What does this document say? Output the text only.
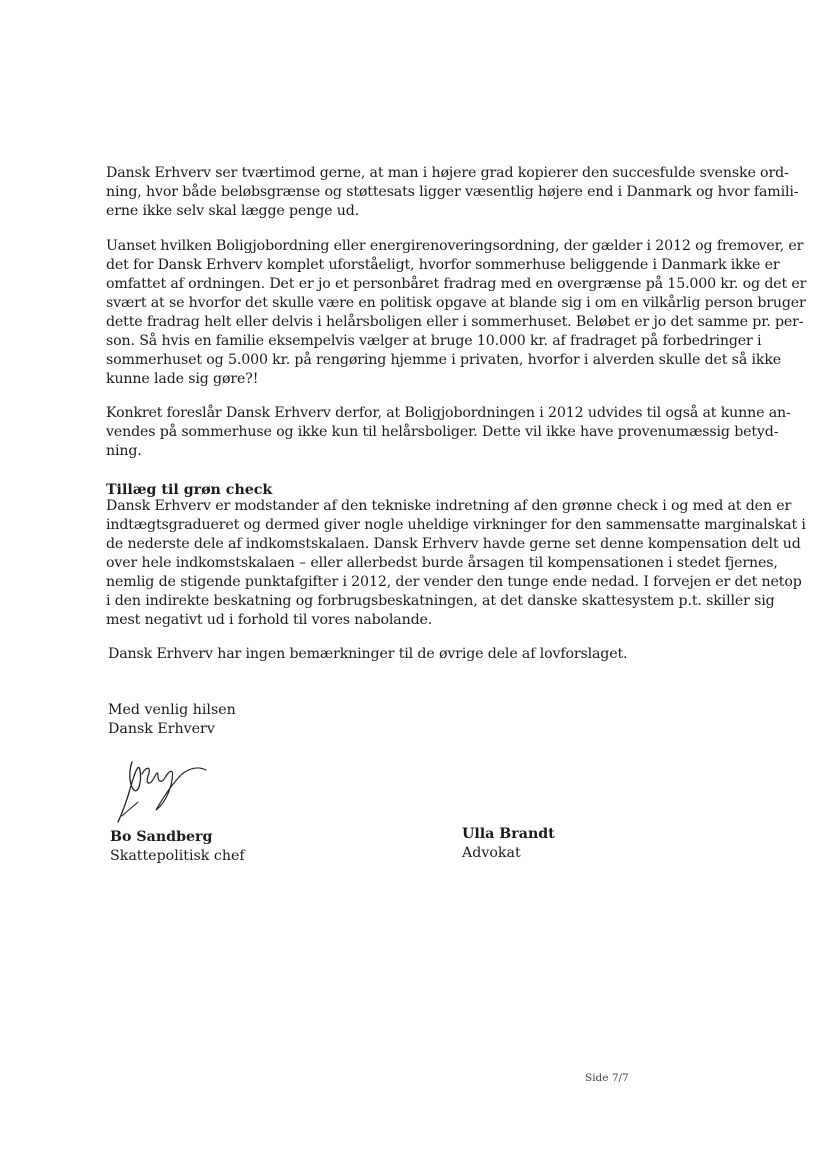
Dansk Erhverv ser tværtimod gerne, at man i højere grad kopierer den succesfulde svenske ord-
ning, hvor både beløbsgrænse og støttesats ligger væsentlig højere end i Danmark og hvor famili-
erne ikke selv skal lægge penge ud.
Uanset hvilken Boligjobordning eller energirenoveringsordning, der gælder i 2012 og fremover, er
det for Dansk Erhverv komplet uforståeligt, hvorfor sommerhuse beliggende i Danmark ikke er
omfattet af ordningen. Det er jo et personbåret fradrag med en overgrænse på 15.000 kr. og det er
svært at se hvorfor det skulle være en politisk opgave at blande sig i om en vilkårlig person bruger
dette fradrag helt eller delvis i helårsboligen eller i sommerhuset. Beløbet er jo det samme pr. per-
son. Så hvis en familie eksempelvis vælger at bruge 10.000 kr. af fradraget på forbedringer i
sommerhuset og 5.000 kr. på rengøring hjemme i privaten, hvorfor i alverden skulle det så ikke
kunne lade sig gøre?!
Konkret foreslår Dansk Erhverv derfor, at Boligjobordningen i 2012 udvides til også at kunne an-
vendes på sommerhuse og ikke kun til helårsboliger. Dette vil ikke have provenumæssig betyd-
ning.
Tillæg til grøn check
Dansk Erhverv er modstander af den tekniske indretning af den grønne check i og med at den er
indtægtsgradueret og dermed giver nogle uheldige virkninger for den sammensatte marginalskat i
de nederste dele af indkomstskalaen. Dansk Erhverv havde gerne set denne kompensation delt ud
over hele indkomstskalaen – eller allerbedst burde årsagen til kompensationen i stedet fjernes,
nemlig de stigende punktafgifter i 2012, der vender den tunge ende nedad. I forvejen er det netop
i den indirekte beskatning og forbrugsbeskatningen, at det danske skattesystem p.t. skiller sig
mest negativt ud i forhold til vores nabolande.
Dansk Erhverv har ingen bemærkninger til de øvrige dele af lovforslaget.
Med venlig hilsen
Dansk Erhverv
Bo Sandberg
Skattepolitisk chef
Ulla Brandt
Advokat
Side 7/7
